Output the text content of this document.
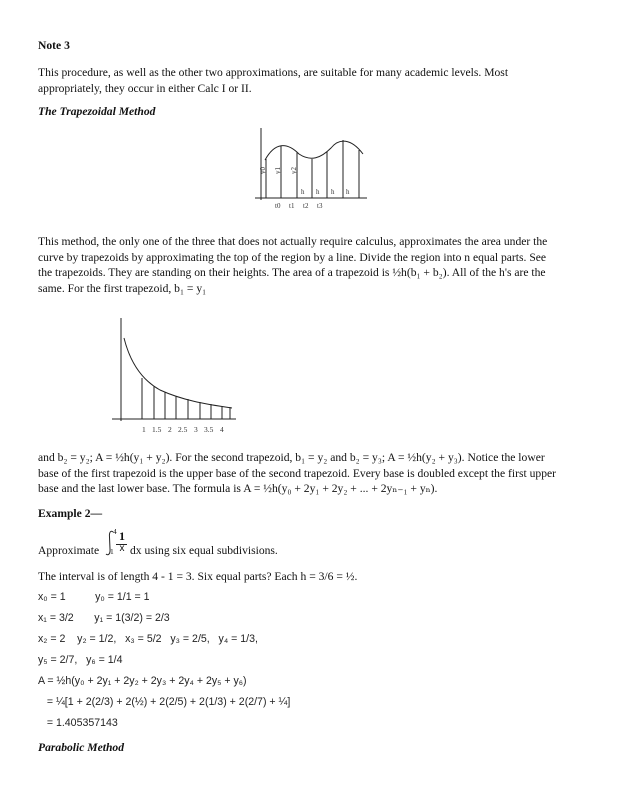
Note 3
This procedure, as well as the other two approximations, are suitable for many academic levels. Most
appropriately, they occur in either Calc I or II.
The Trapezoidal Method
y0 y1 y2
h h h h
t0 t1 t2 t3
This method, the only one of the three that does not actually require calculus, approximates the area under the
curve by trapezoids by approximating the top of the region by a line. Divide the region into n equal parts. See
the trapezoids. They are standing on their heights. The area of a trapezoid is ½h(b₁ + b₂). All of the h's are the
same. For the first trapezoid, b₁ = y₁
1 1.5 2 2.5 3 3.5 4
and b₂ = y₂; A = ½h(y₁ + y₂). For the second trapezoid, b₁ = y₂ and b₂ = y₃; A = ½h(y₂ + y₃). Notice the lower
base of the first trapezoid is the upper base of the second trapezoid. Every base is doubled except the first upper
base and the last lower base. The formula is A = ½h(y₀ + 2y₁ + 2y₂ + ... + 2yₙ₋₁ + yₙ).
Example 2—
Approximate
4
1
1
x dx using six equal subdivisions.
The interval is of length 4 - 1 = 3. Six equal parts? Each h = 3/6 = ½.
x₀ = 1          y₀ = 1/1 = 1
x₁ = 3/2       y₁ = 1(3/2) = 2/3
x₂ = 2    y₂ = 1/2,   x₃ = 5/2   y₃ = 2/5,   y₄ = 1/3,
y₅ = 2/7,   y₆ = 1/4
A = ½h(y₀ + 2y₁ + 2y₂ + 2y₃ + 2y₄ + 2y₅ + y₆)
= ¼[1 + 2(2/3) + 2(½) + 2(2/5) + 2(1/3) + 2(2/7) + ¼]
= 1.405357143
Parabolic Method
